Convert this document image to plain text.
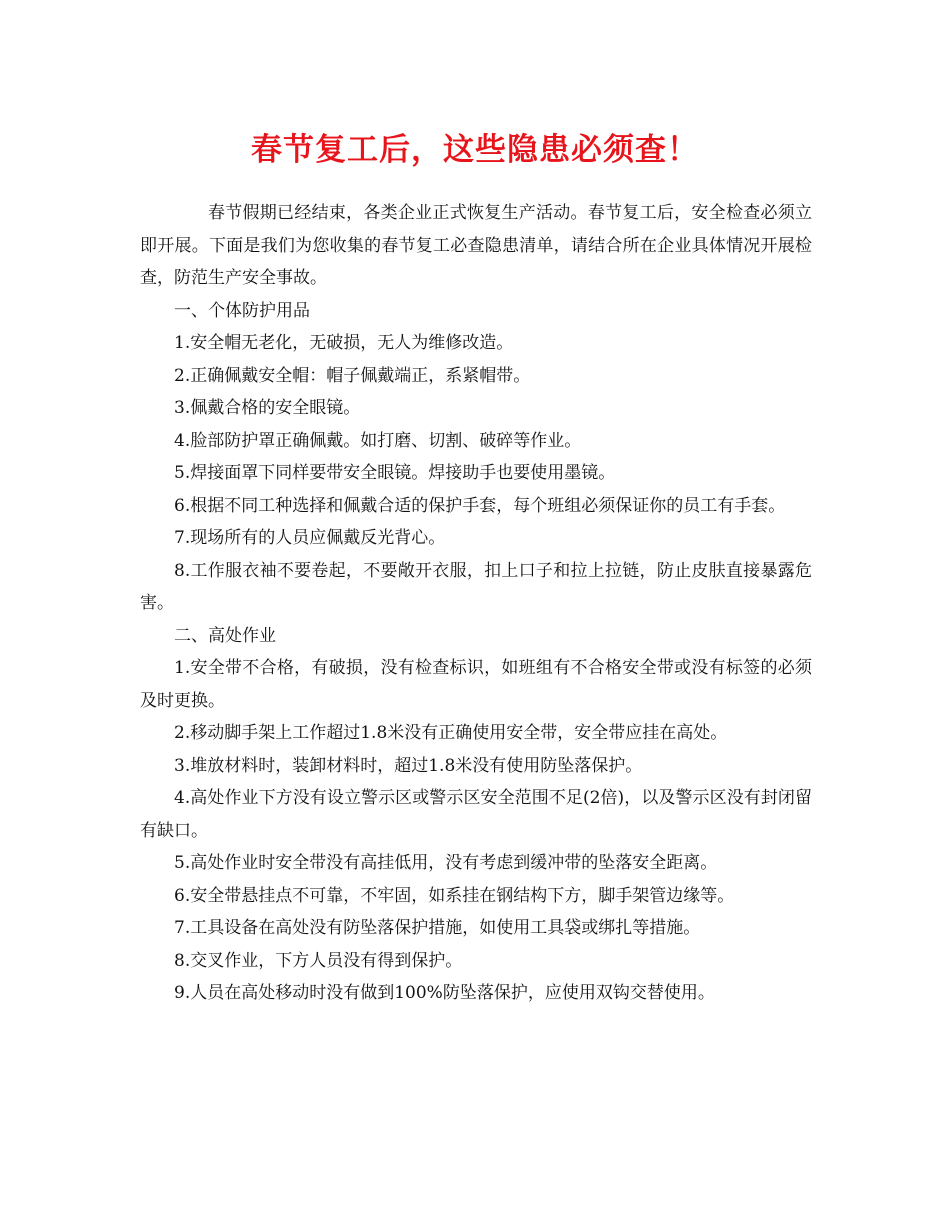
春节复工后，这些隐患必须查！

春节假期已经结束，各类企业正式恢复生产活动。春节复工后，安全检查必须立即开展。下面是我们为您收集的春节复工必查隐患清单，请结合所在企业具体情况开展检查，防范生产安全事故。

一、个体防护用品

1.安全帽无老化，无破损，无人为维修改造。

2.正确佩戴安全帽：帽子佩戴端正，系紧帽带。

3.佩戴合格的安全眼镜。

4.脸部防护罩正确佩戴。如打磨、切割、破碎等作业。

5.焊接面罩下同样要带安全眼镜。焊接助手也要使用墨镜。

6.根据不同工种选择和佩戴合适的保护手套，每个班组必须保证你的员工有手套。

7.现场所有的人员应佩戴反光背心。

8.工作服衣袖不要卷起，不要敞开衣服，扣上口子和拉上拉链，防止皮肤直接暴露危害。

二、高处作业

1.安全带不合格，有破损，没有检查标识，如班组有不合格安全带或没有标签的必须及时更换。

2.移动脚手架上工作超过1.8米没有正确使用安全带，安全带应挂在高处。

3.堆放材料时，装卸材料时，超过1.8米没有使用防坠落保护。

4.高处作业下方没有设立警示区或警示区安全范围不足(2倍)，以及警示区没有封闭留有缺口。

5.高处作业时安全带没有高挂低用，没有考虑到缓冲带的坠落安全距离。

6.安全带悬挂点不可靠，不牢固，如系挂在钢结构下方，脚手架管边缘等。

7.工具设备在高处没有防坠落保护措施，如使用工具袋或绑扎等措施。

8.交叉作业，下方人员没有得到保护。

9.人员在高处移动时没有做到100%防坠落保护，应使用双钩交替使用。
